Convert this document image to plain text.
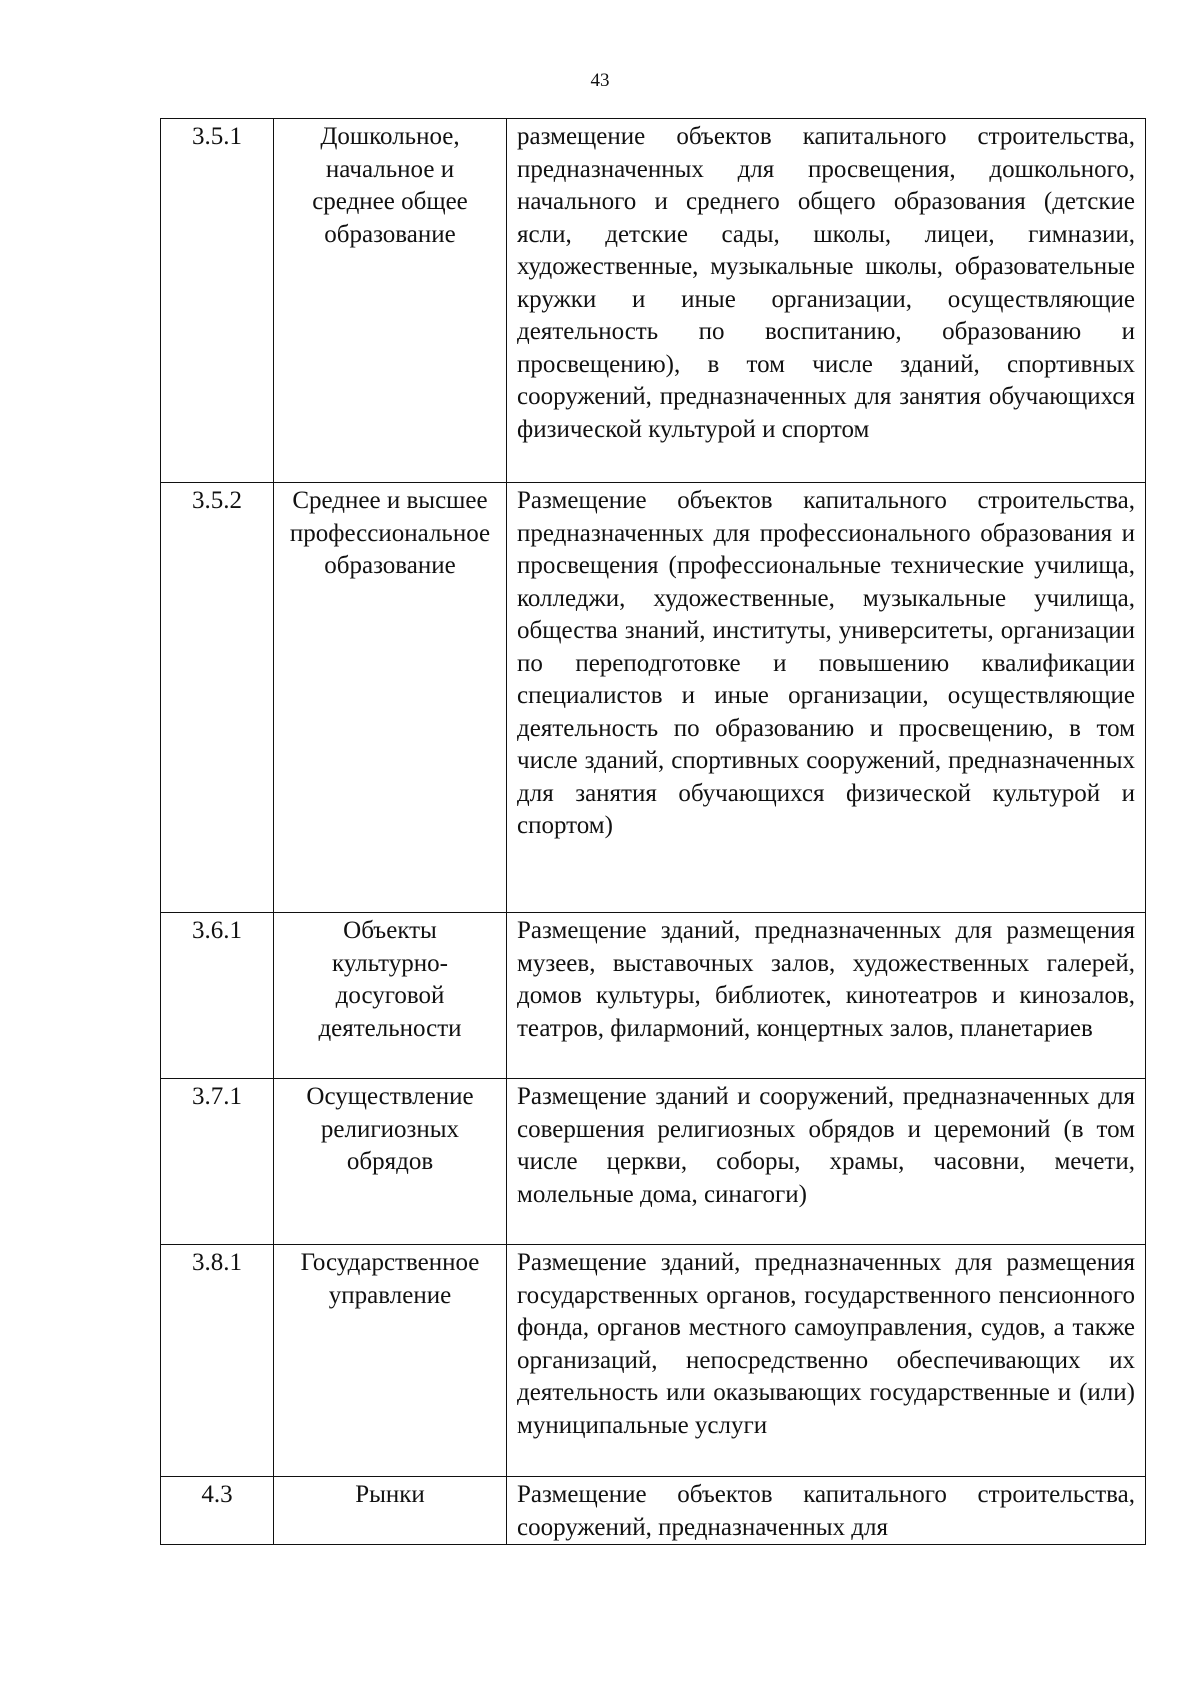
43
3.5.1	Дошкольное, начальное и среднее общее образование	размещение объектов капитального строительства, предназначенных для просвещения, дошкольного, начального и среднего общего образования (детские ясли, детские сады, школы, лицеи, гимназии, художественные, музыкальные школы, образовательные кружки и иные организации, осуществляющие деятельность по воспитанию, образованию и просвещению), в том числе зданий, спортивных сооружений, предназначенных для занятия обучающихся физической культурой и спортом
3.5.2	Среднее и высшее профессиональное образование	Размещение объектов капитального строительства, предназначенных для профессионального образования и просвещения (профессиональные технические училища, колледжи, художественные, музыкальные училища, общества знаний, институты, университеты, организации по переподготовке и повышению квалификации специалистов и иные организации, осуществляющие деятельность по образованию и просвещению, в том числе зданий, спортивных сооружений, предназначенных для занятия обучающихся физической культурой и спортом)
3.6.1	Объекты культурно-досуговой деятельности	Размещение зданий, предназначенных для размещения музеев, выставочных залов, художественных галерей, домов культуры, библиотек, кинотеатров и кинозалов, театров, филармоний, концертных залов, планетариев
3.7.1	Осуществление религиозных обрядов	Размещение зданий и сооружений, предназначенных для совершения религиозных обрядов и церемоний (в том числе церкви, соборы, храмы, часовни, мечети, молельные дома, синагоги)
3.8.1	Государственное управление	Размещение зданий, предназначенных для размещения государственных органов, государственного пенсионного фонда, органов местного самоуправления, судов, а также организаций, непосредственно обеспечивающих их деятельность или оказывающих государственные и (или) муниципальные услуги
4.3	Рынки	Размещение объектов капитального строительства, сооружений, предназначенных для
